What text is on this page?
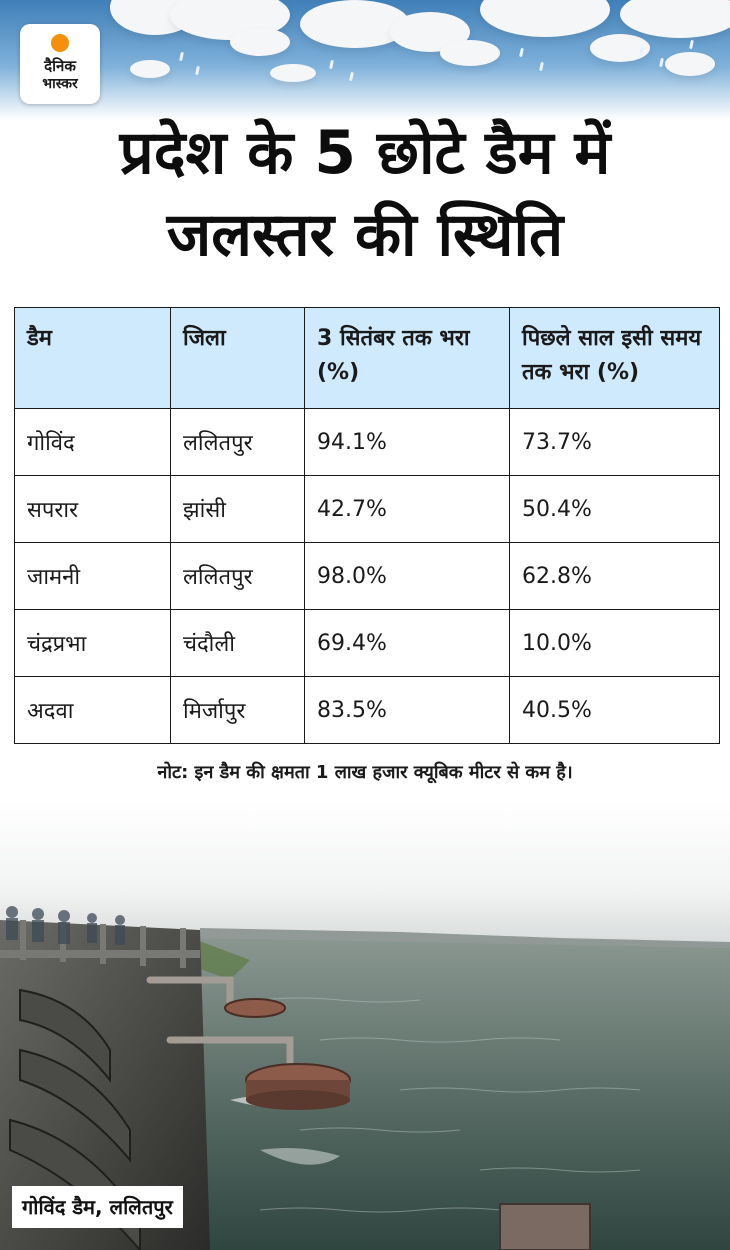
दैनिक
भास्कर
प्रदेश के 5 छोटे डैम में
जलस्तर की स्थिति
डैम	जिला	3 सितंबर तक भरा (%)	पिछले साल इसी समय तक भरा (%)
गोविंद	ललितपुर	94.1%	73.7%
सपरार	झांसी	42.7%	50.4%
जामनी	ललितपुर	98.0%	62.8%
चंद्रप्रभा	चंदौली	69.4%	10.0%
अदवा	मिर्जापुर	83.5%	40.5%
नोट: इन डैम की क्षमता 1 लाख हजार क्यूबिक मीटर से कम है।
गोविंद डैम, ललितपुर
